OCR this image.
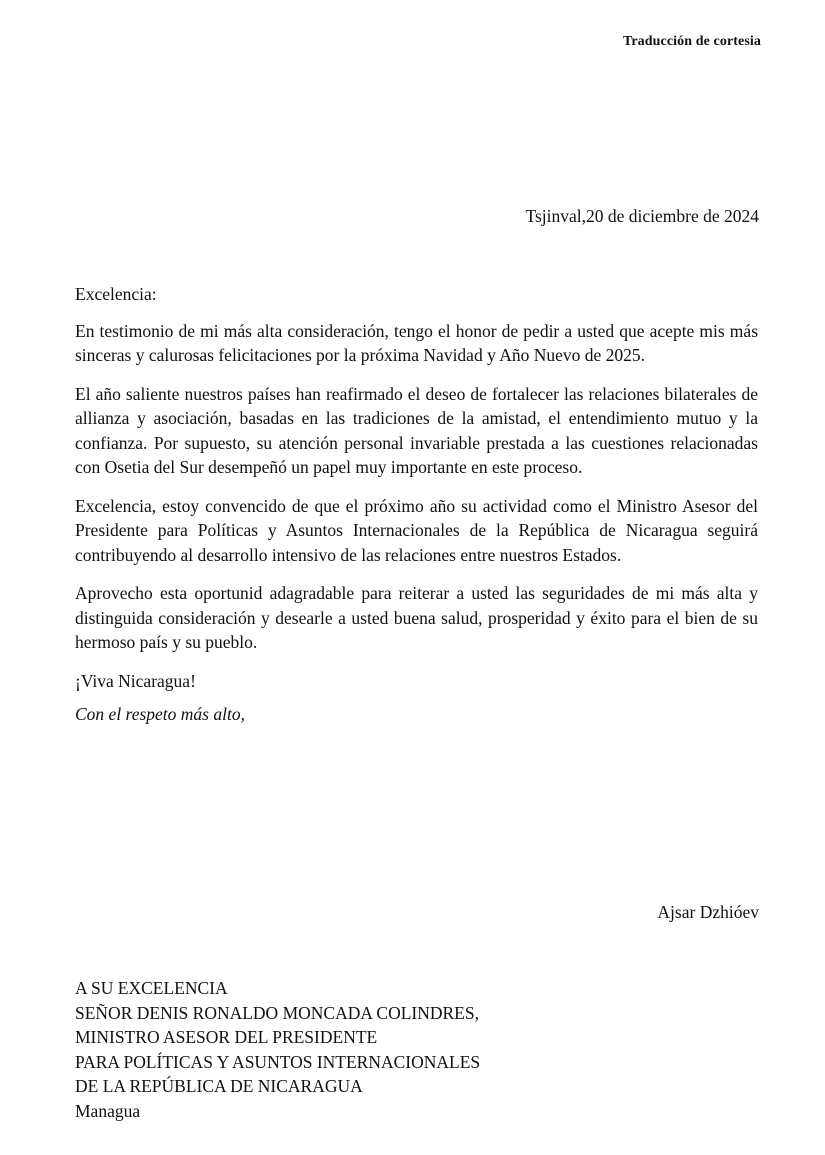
Traducción de cortesia
Tsjinval,20 de diciembre de 2024

Excelencia:

En testimonio de mi más alta consideración, tengo el honor de pedir a usted que acepte mis más sinceras y calurosas felicitaciones por la próxima Navidad y Año Nuevo de 2025.

El año saliente nuestros países han reafirmado el deseo de fortalecer las relaciones bilaterales de allianza y asociación, basadas en las tradiciones de la amistad, el entendimiento mutuo y la confianza. Por supuesto, su atención personal invariable prestada a las cuestiones relacionadas con Osetia del Sur desempeñó un papel muy importante en este proceso.

Excelencia, estoy convencido de que el próximo año su actividad como el Ministro Asesor del Presidente para Políticas y Asuntos Internacionales de la República de Nicaragua seguirá contribuyendo al desarrollo intensivo de las relaciones entre nuestros Estados.

Aprovecho esta oportunid adagradable para reiterar a usted las seguridades de mi más alta y distinguida consideración y desearle a usted buena salud, prosperidad y éxito para el bien de su hermoso país y su pueblo.

¡Viva Nicaragua!

Con el respeto más alto,

Ajsar Dzhióev
A SU EXCELENCIA
SEÑOR DENIS RONALDO MONCADA COLINDRES,
MINISTRO ASESOR DEL PRESIDENTE
PARA POLÍTICAS Y ASUNTOS INTERNACIONALES
DE LA REPÚBLICA DE NICARAGUA
Managua
